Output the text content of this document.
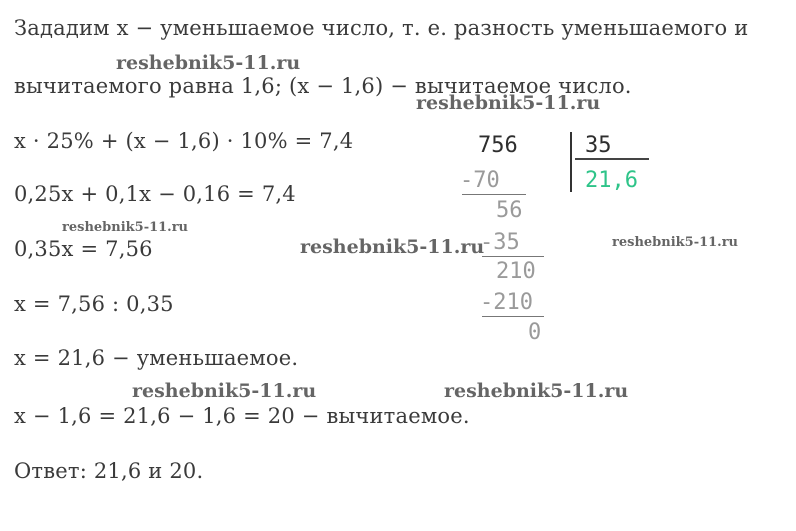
Зададим x − уменьшаемое число, т. е. разность уменьшаемого и
вычитаемого равна 1,6; (x − 1,6) − вычитаемое число.
x · 25% + (x − 1,6) · 10% = 7,4
0,25x + 0,1x − 0,16 = 7,4
0,35x = 7,56
x = 7,56 : 0,35
x = 21,6 − уменьшаемое.
x − 1,6 = 21,6 − 1,6 = 20 − вычитаемое.
Ответ: 21,6 и 20.
756	35
21,6
-70
56
-35
210
-210
0
reshebnik5-11.ru
reshebnik5-11.ru
reshebnik5-11.ru
reshebnik5-11.ru	reshebnik5-11.ru
reshebnik5-11.ru	reshebnik5-11.ru
